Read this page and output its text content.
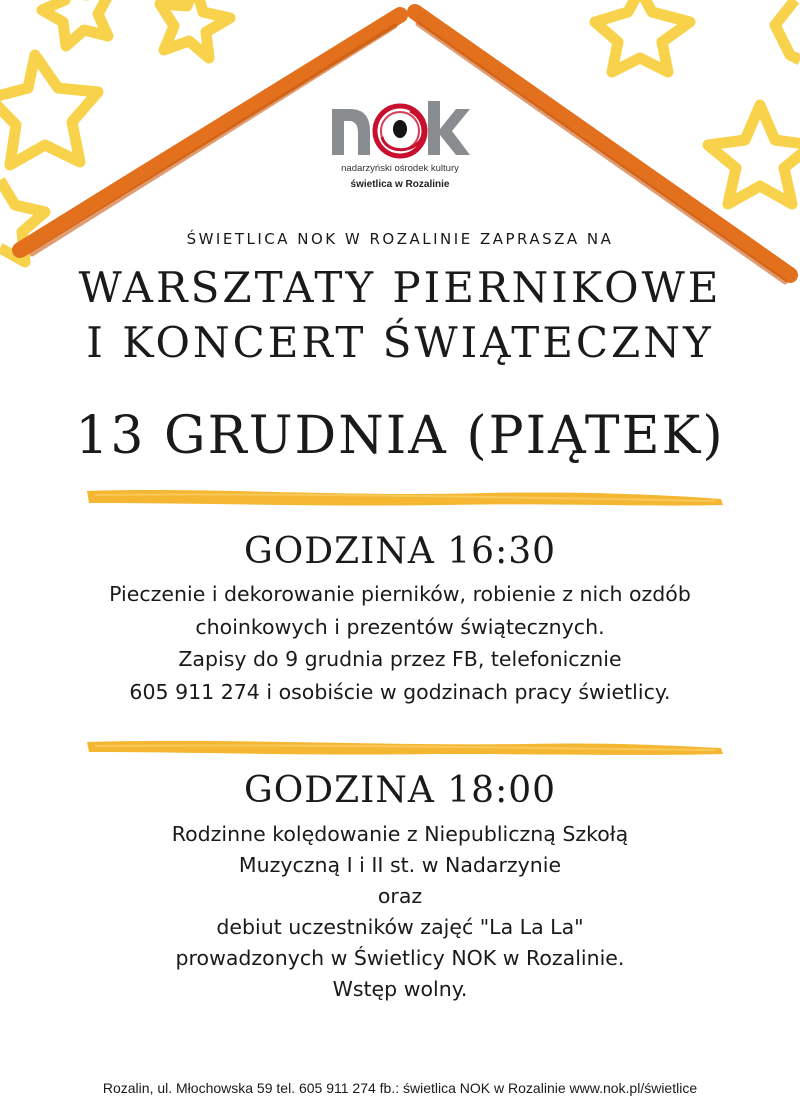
nadarzyński ośrodek kultury
świetlica w Rozalinie
ŚWIETLICA NOK W ROZALINIE ZAPRASZA NA
WARSZTATY PIERNIKOWE
I KONCERT ŚWIĄTECZNY
13 GRUDNIA (PIĄTEK)
GODZINA 16:30
Pieczenie i dekorowanie pierników, robienie z nich ozdób
choinkowych i prezentów świątecznych.
Zapisy do 9 grudnia przez FB, telefonicznie
605 911 274 i osobiście w godzinach pracy świetlicy.
GODZINA 18:00
Rodzinne kolędowanie z Niepubliczną Szkołą
Muzyczną I i II st. w Nadarzynie
oraz
debiut uczestników zajęć "La La La"
prowadzonych w Świetlicy NOK w Rozalinie.
Wstęp wolny.
Rozalin, ul. Młochowska 59 tel. 605 911 274 fb.: świetlica NOK w Rozalinie www.nok.pl/świetlice
